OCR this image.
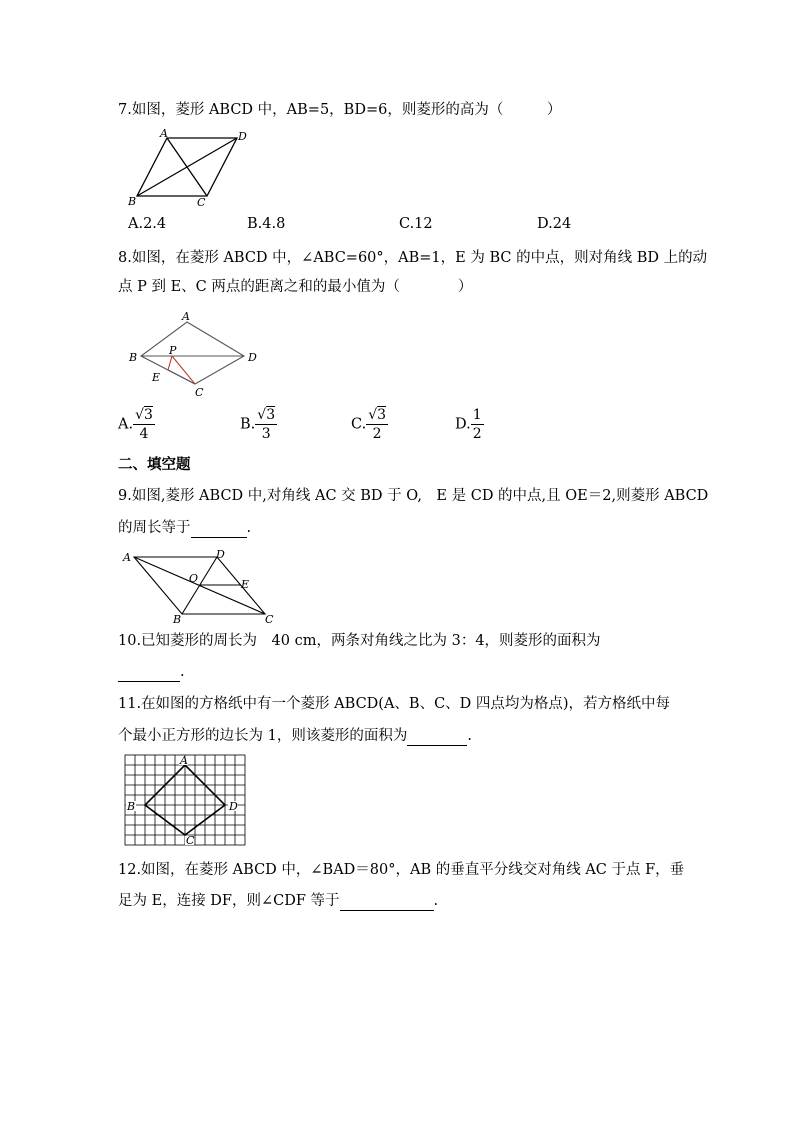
7.如图，菱形 ABCD 中，AB=5，BD=6，则菱形的高为（　　　）
A	D
B	C
A.2.4	B.4.8	C.12	D.24
8.如图，在菱形 ABCD 中，∠ABC=60°，AB=1，E 为 BC 的中点，则对角线 BD 上的动
点 P 到 E、C 两点的距离之和的最小值为（　　　　）
A
B	D
P
E
C
A. $\frac{√3}{4}$	B. $\frac{√3}{3}$	C. $\frac{√3}{2}$	D. $\frac{1}{2}$
二、填空题
9.如图,菱形 ABCD 中,对角线 AC 交 BD 于 O,　E 是 CD 的中点,且 OE＝2,则菱形 ABCD
的周长等于	.
A	D
O	E
B	C
10.已知菱形的周长为　40 cm，两条对角线之比为 3：4，则菱形的面积为
.
11.在如图的方格纸中有一个菱形 ABCD(A、B、C、D 四点均为格点)，若方格纸中每
个最小正方形的边长为 1，则该菱形的面积为	.
A
B	D
C
12.如图，在菱形 ABCD 中，∠BAD＝80°，AB 的垂直平分线交对角线 AC 于点 F，垂
足为 E，连接 DF，则∠CDF 等于	.
